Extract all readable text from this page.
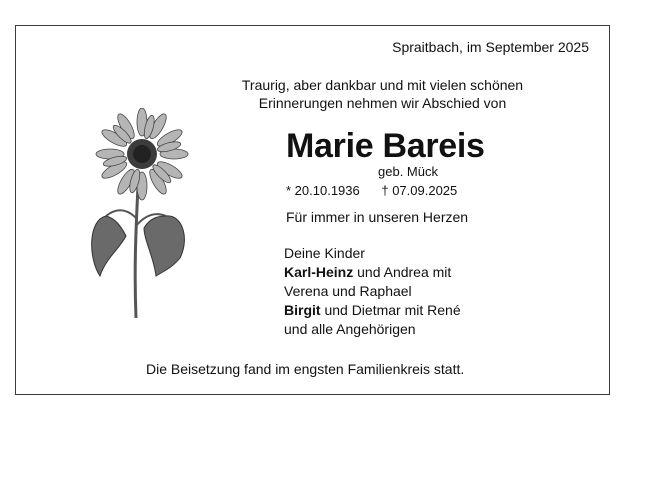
Spraitbach, im September 2025
Traurig, aber dankbar und mit vielen schönen
Erinnerungen nehmen wir Abschied von
Marie Bareis
geb. Mück
* 20.10.1936 † 07.09.2025
Für immer in unseren Herzen
Deine Kinder
Karl-Heinz und Andrea mit
Verena und Raphael
Birgit und Dietmar mit René
und alle Angehörigen
Die Beisetzung fand im engsten Familienkreis statt.
